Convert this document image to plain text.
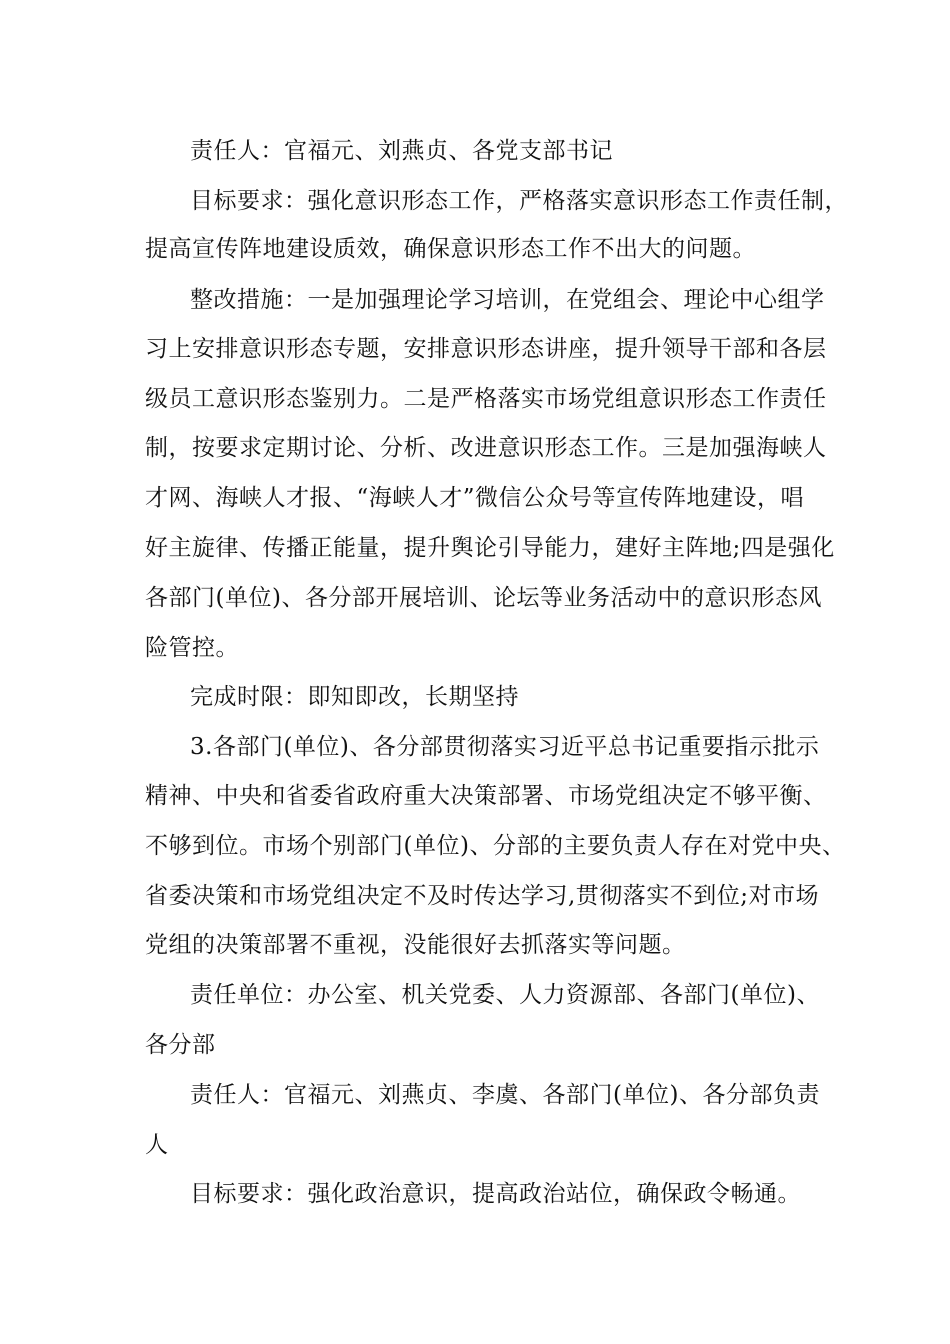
责任人：官福元、刘燕贞、各党支部书记
目标要求：强化意识形态工作，严格落实意识形态工作责任制，
提高宣传阵地建设质效，确保意识形态工作不出大的问题。
整改措施：一是加强理论学习培训，在党组会、理论中心组学
习上安排意识形态专题，安排意识形态讲座，提升领导干部和各层
级员工意识形态鉴别力。二是严格落实市场党组意识形态工作责任
制，按要求定期讨论、分析、改进意识形态工作。三是加强海峡人
才网、海峡人才报、“海峡人才”微信公众号等宣传阵地建设，唱
好主旋律、传播正能量，提升舆论引导能力，建好主阵地;四是强化
各部门(单位)、各分部开展培训、论坛等业务活动中的意识形态风
险管控。
完成时限：即知即改，长期坚持
3.各部门(单位)、各分部贯彻落实习近平总书记重要指示批示
精神、中央和省委省政府重大决策部署、市场党组决定不够平衡、
不够到位。市场个别部门(单位)、分部的主要负责人存在对党中央、
省委决策和市场党组决定不及时传达学习,贯彻落实不到位;对市场
党组的决策部署不重视，没能很好去抓落实等问题。
责任单位：办公室、机关党委、人力资源部、各部门(单位)、
各分部
责任人：官福元、刘燕贞、李虞、各部门(单位)、各分部负责
人
目标要求：强化政治意识，提高政治站位，确保政令畅通。
